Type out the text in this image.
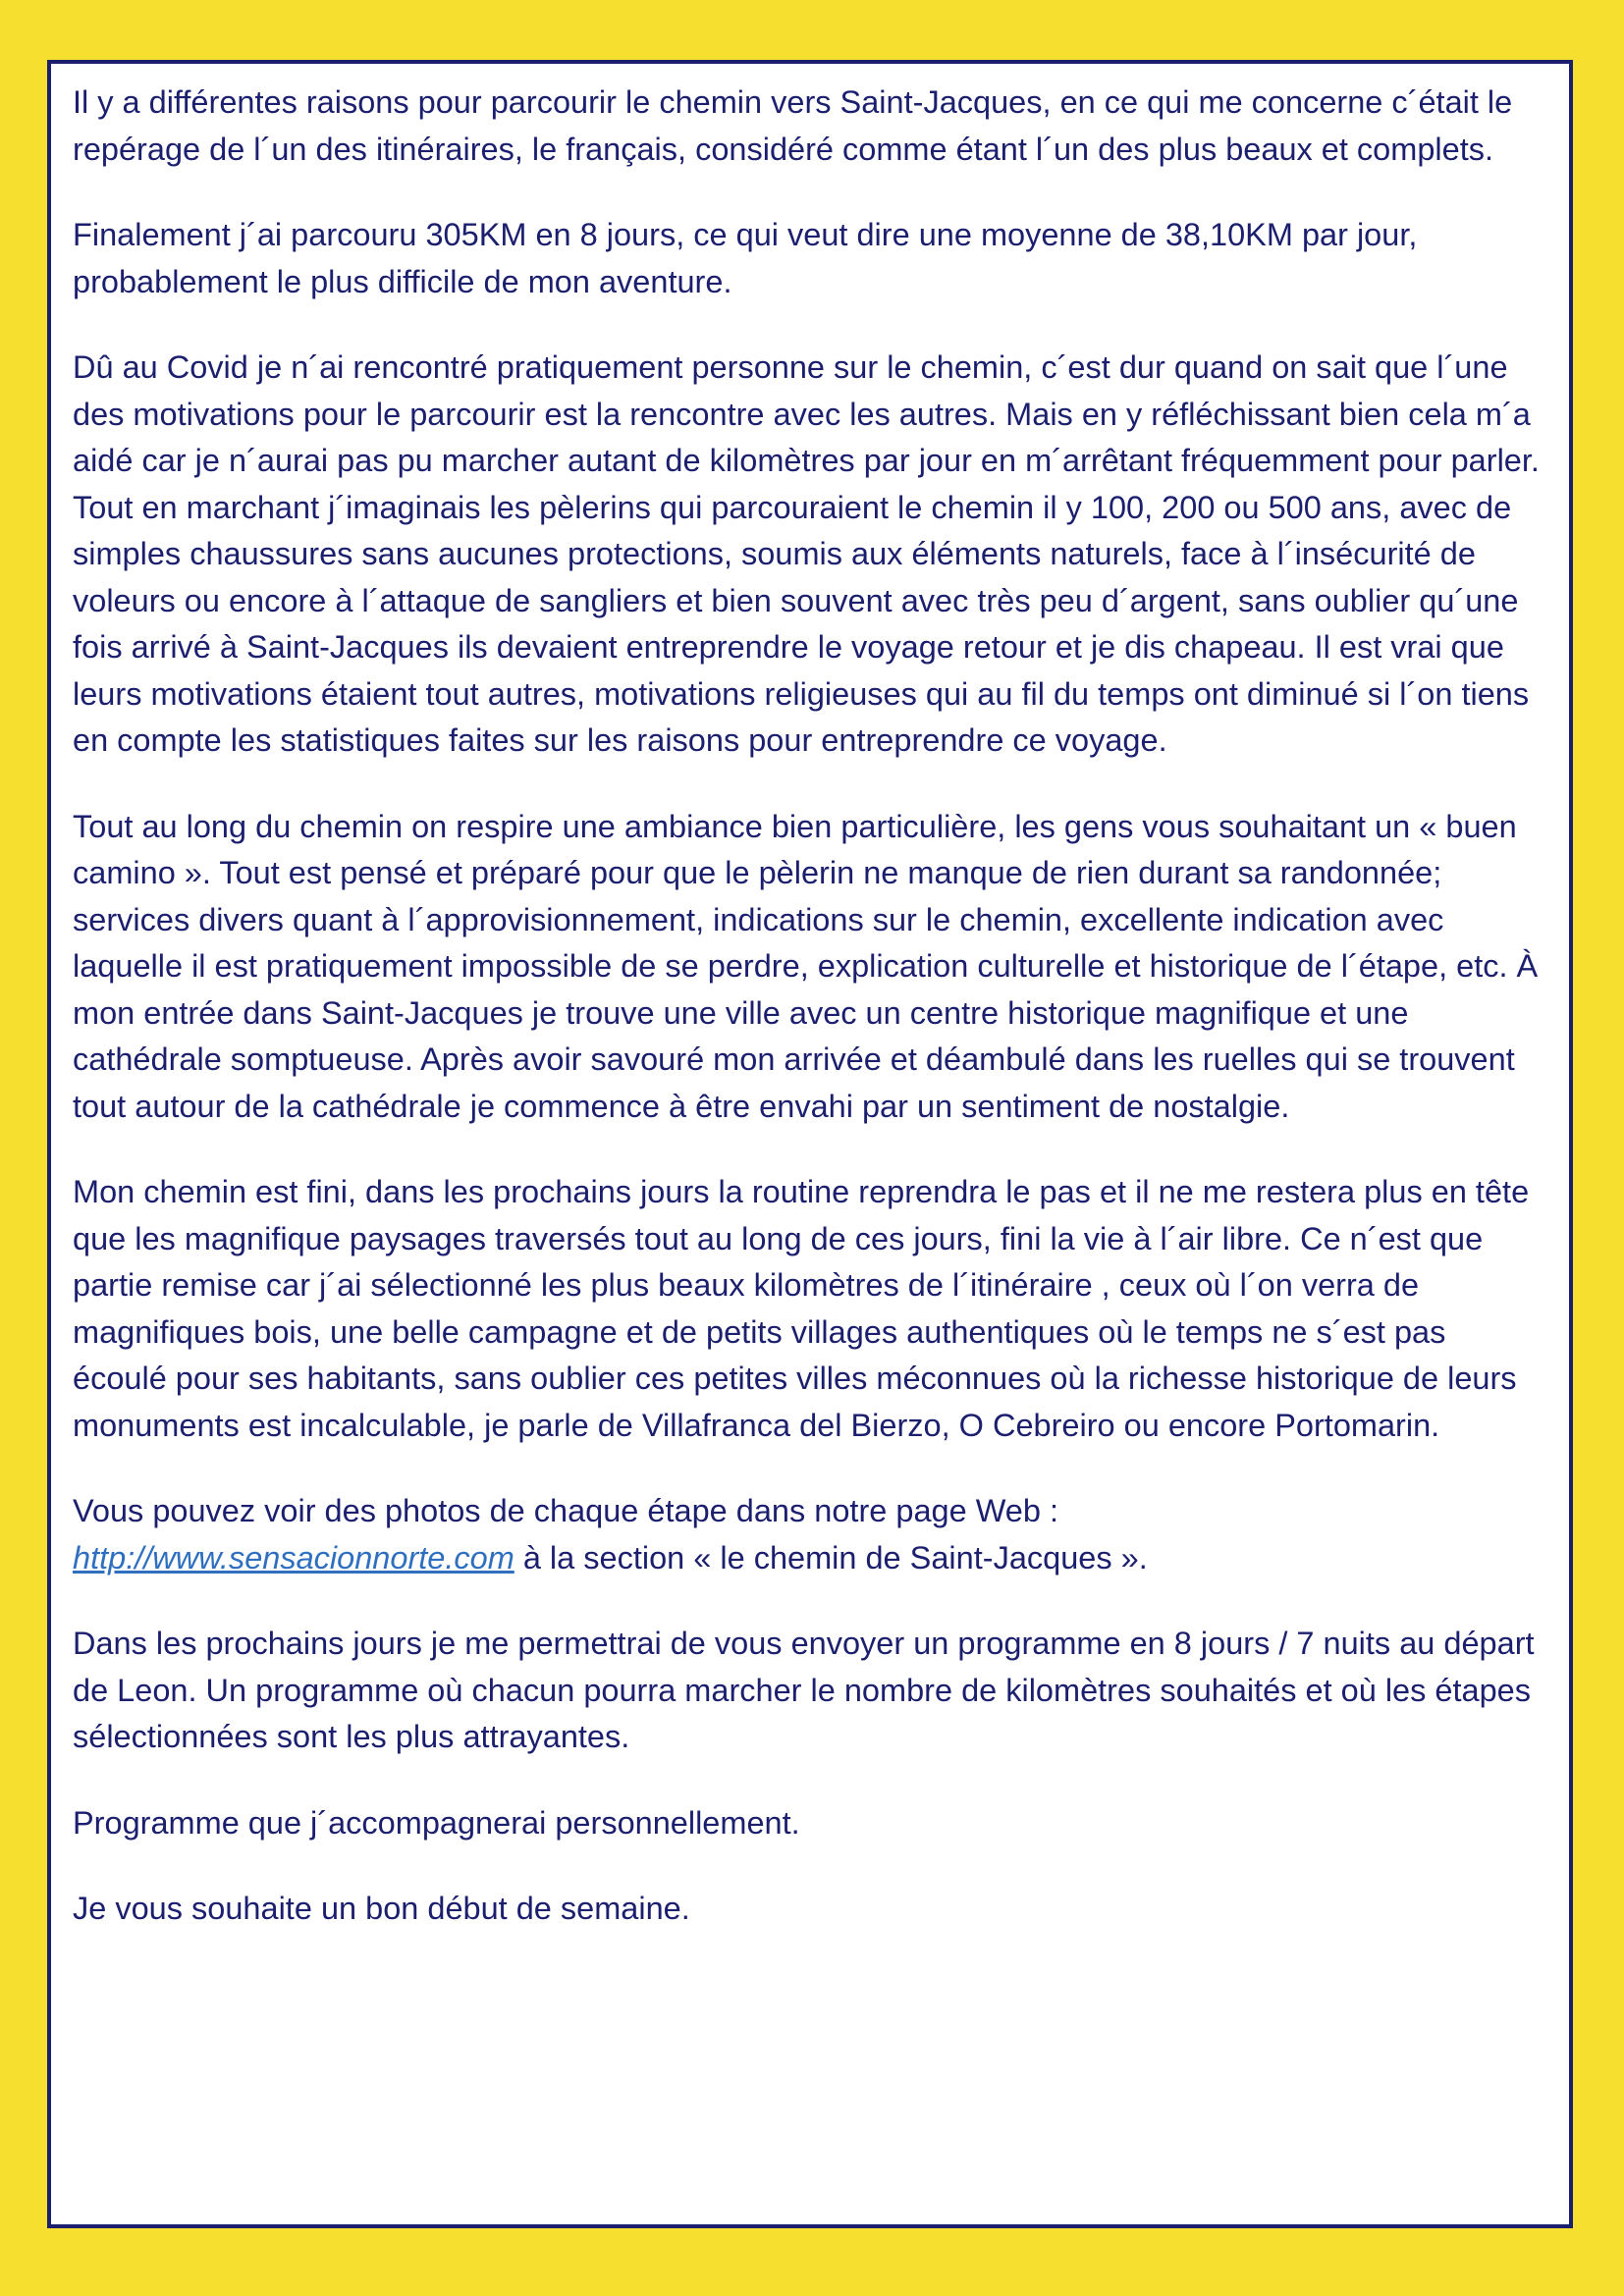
Il y a différentes raisons pour parcourir le chemin vers Saint-Jacques, en ce qui me concerne c´était le repérage de l´un des itinéraires, le français, considéré comme étant l´un des plus beaux et complets.

Finalement j´ai parcouru 305KM en 8 jours, ce qui veut dire une moyenne de 38,10KM par jour, probablement le plus difficile de mon aventure.

Dû au Covid je n´ai rencontré pratiquement personne sur le chemin, c´est dur quand on sait que l´une des motivations pour le parcourir est la rencontre avec les autres. Mais en y réfléchissant bien cela m´a aidé car je n´aurai pas pu marcher autant de kilomètres par jour en m´arrêtant fréquemment pour parler.

Tout en marchant j´imaginais les pèlerins qui parcouraient le chemin il y 100, 200 ou 500 ans, avec de simples chaussures sans aucunes protections, soumis aux éléments naturels, face à l´insécurité de voleurs ou encore à l´attaque de sangliers et bien souvent avec très peu d´argent, sans oublier qu´une fois arrivé à Saint-Jacques ils devaient entreprendre le voyage retour et je dis chapeau. Il est vrai que leurs motivations étaient tout autres, motivations religieuses qui au fil du temps ont diminué si l´on tiens en compte les statistiques faites sur les raisons pour entreprendre ce voyage.

Tout au long du chemin on respire une ambiance bien particulière, les gens vous souhaitant un « buen camino ». Tout est pensé et préparé pour que le pèlerin ne manque de rien durant sa randonnée; services divers quant à l´approvisionnement, indications sur le chemin, excellente indication avec laquelle il est pratiquement impossible de se perdre, explication culturelle et historique de l´étape, etc. À mon entrée dans Saint-Jacques je trouve une ville avec un centre historique magnifique et une cathédrale somptueuse. Après avoir savouré mon arrivée et déambulé dans les ruelles qui se trouvent tout autour de la cathédrale je commence à être envahi par un sentiment de nostalgie.

Mon chemin est fini, dans les prochains jours la routine reprendra le pas et il ne me restera plus en tête que les magnifique paysages traversés tout au long de ces jours, fini la vie à l´air libre. Ce n´est que partie remise car j´ai sélectionné les plus beaux kilomètres de l´itinéraire , ceux où l´on verra de magnifiques bois, une belle campagne et de petits villages authentiques où le temps ne s´est pas écoulé pour ses habitants, sans oublier ces petites villes méconnues où la richesse historique de leurs monuments est incalculable, je parle de Villafranca del Bierzo, O Cebreiro ou encore Portomarin.

Vous pouvez voir des photos de chaque étape dans notre page Web :
http://www.sensacionnorte.com à la section « le chemin de Saint-Jacques ».

Dans les prochains jours je me permettrai de vous envoyer un programme en 8 jours / 7 nuits au départ de Leon. Un programme où chacun pourra marcher le nombre de kilomètres souhaités et où les étapes sélectionnées sont les plus attrayantes.

Programme que j´accompagnerai personnellement.

Je vous souhaite un bon début de semaine.
